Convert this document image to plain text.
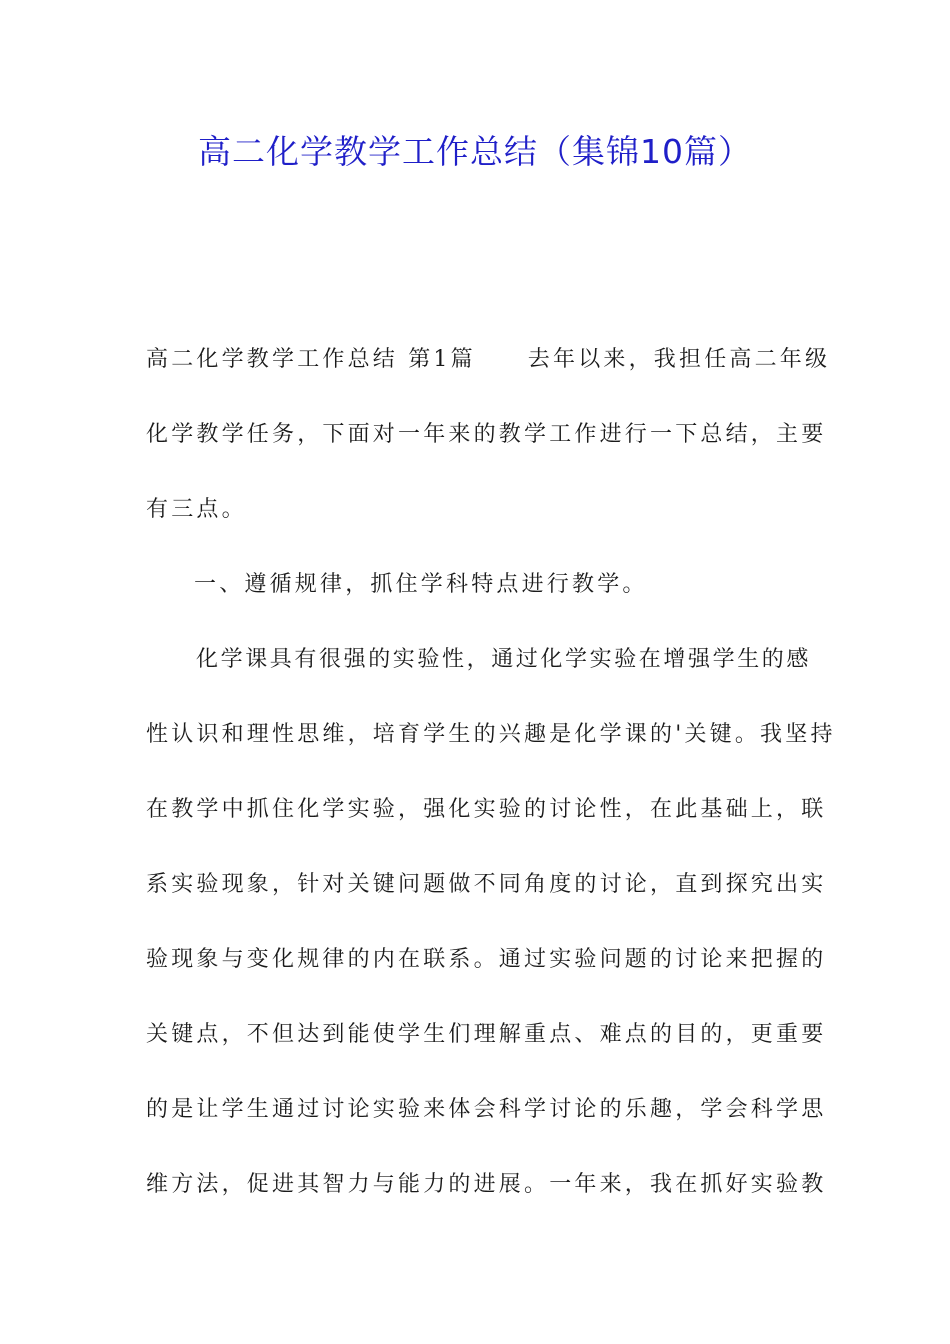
高二化学教学工作总结（集锦10篇）
高二化学教学工作总结 第1篇 去年以来，我担任高二年级
化学教学任务，下面对一年来的教学工作进行一下总结，主要
有三点。
一、遵循规律，抓住学科特点进行教学。
化学课具有很强的实验性，通过化学实验在增强学生的感
性认识和理性思维，培育学生的兴趣是化学课的'关键。我坚持
在教学中抓住化学实验，强化实验的讨论性，在此基础上，联
系实验现象，针对关键问题做不同角度的讨论，直到探究出实
验现象与变化规律的内在联系。通过实验问题的讨论来把握的
关键点，不但达到能使学生们理解重点、难点的目的，更重要
的是让学生通过讨论实验来体会科学讨论的乐趣，学会科学思
维方法，促进其智力与能力的进展。一年来，我在抓好实验教
